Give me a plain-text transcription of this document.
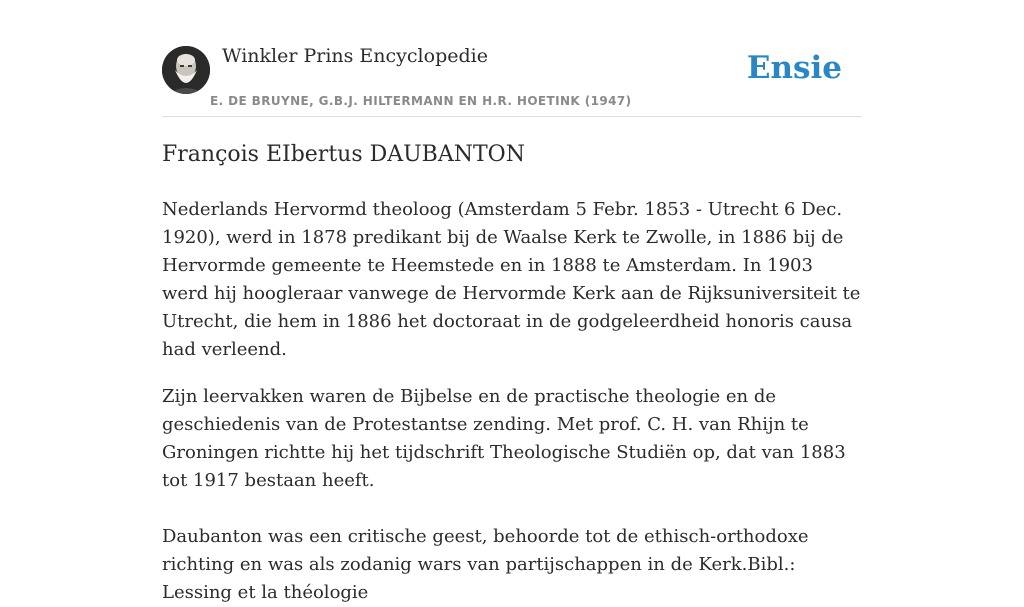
Winkler Prins Encyclopedie
E. DE BRUYNE, G.B.J. HILTERMANN EN H.R. HOETINK (1947)
Ensie
François EIbertus DAUBANTON

Nederlands Hervormd theoloog (Amsterdam 5 Febr. 1853 - Utrecht 6 Dec. 1920), werd in 1878 predikant bij de Waalse Kerk te Zwolle, in 1886 bij de Hervormde gemeente te Heemstede en in 1888 te Amsterdam. In 1903 werd hij hoogleraar vanwege de Hervormde Kerk aan de Rijksuniversiteit te Utrecht, die hem in 1886 het doctoraat in de godgeleerdheid honoris causa had verleend.

Zijn leervakken waren de Bijbelse en de practische theologie en de geschiedenis van de Protestantse zending. Met prof. C. H. van Rhijn te Groningen richtte hij het tijdschrift Theologische Studiën op, dat van 1883 tot 1917 bestaan heeft.

Daubanton was een critische geest, behoorde tot de ethisch-orthodoxe richting en was als zodanig wars van partijschappen in de Kerk.Bibl.: Lessing et la théologie
